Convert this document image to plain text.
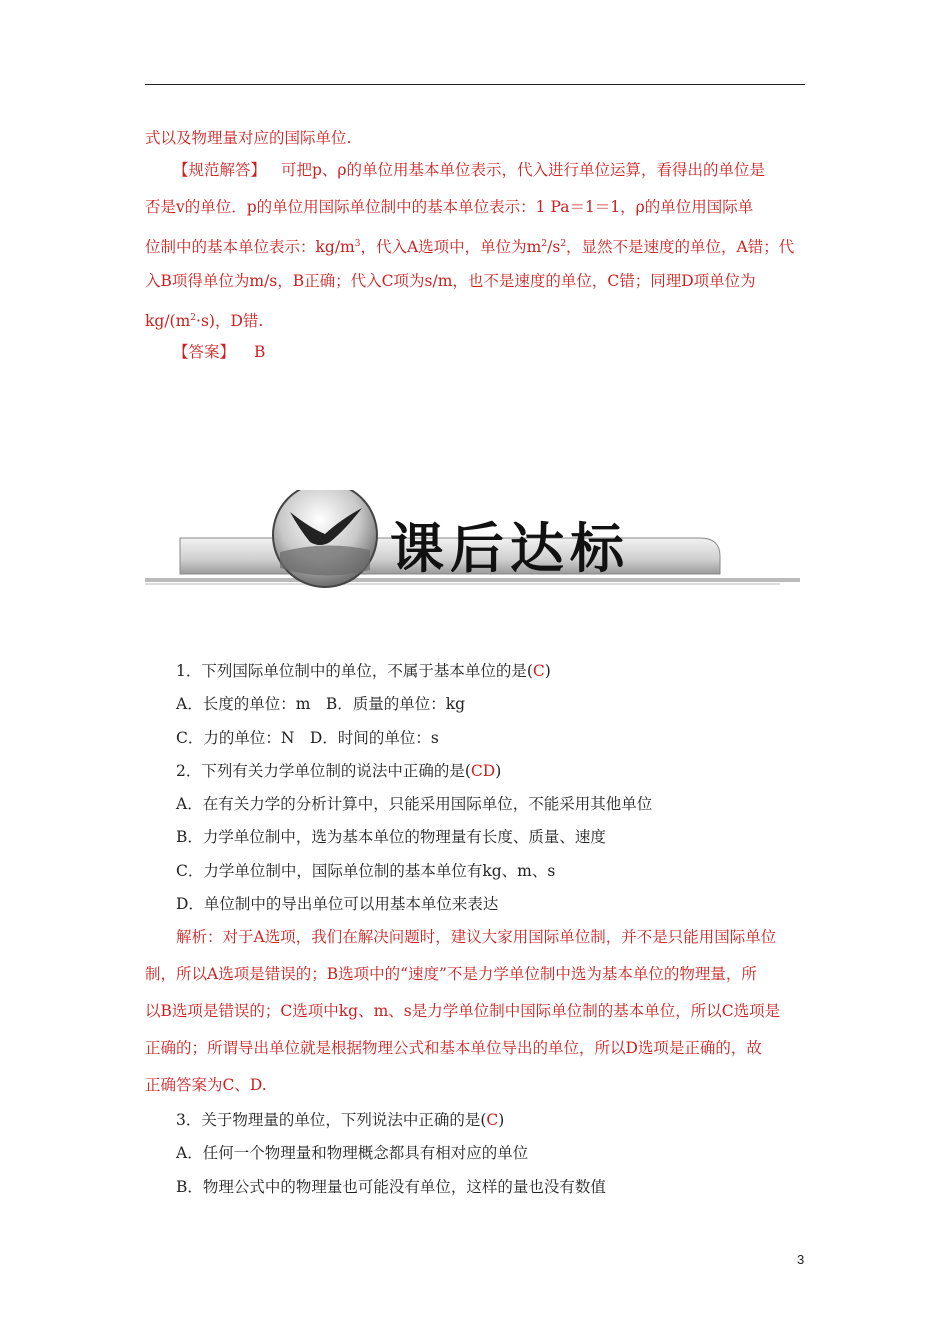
式以及物理量对应的国际单位.
【规范解答】 可把p、ρ的单位用基本单位表示，代入进行单位运算，看得出的单位是
否是v的单位．p的单位用国际单位制中的基本单位表示：1 Pa＝1＝1，ρ的单位用国际单
位制中的基本单位表示：$kg/m^3$，代入A选项中，单位为$m^2/s^2$，显然不是速度的单位，A错；代
入B项得单位为m/s，B正确；代入C项为s/m，也不是速度的单位，C错；同理D项单位为
$kg/(m^2\cdot s)$，D错.
【答案】 B
课后达标
1．下列国际单位制中的单位，不属于基本单位的是(C)
A．长度的单位：m　B．质量的单位：kg
C．力的单位：N　D．时间的单位：s
2．下列有关力学单位制的说法中正确的是(CD)
A．在有关力学的分析计算中，只能采用国际单位，不能采用其他单位
B．力学单位制中，选为基本单位的物理量有长度、质量、速度
C．力学单位制中，国际单位制的基本单位有kg、m、s
D．单位制中的导出单位可以用基本单位来表达
解析：对于A选项，我们在解决问题时，建议大家用国际单位制，并不是只能用国际单位
制，所以A选项是错误的；B选项中的“速度”不是力学单位制中选为基本单位的物理量，所
以B选项是错误的；C选项中kg、m、s是力学单位制中国际单位制的基本单位，所以C选项是
正确的；所谓导出单位就是根据物理公式和基本单位导出的单位，所以D选项是正确的，故
正确答案为C、D.
3．关于物理量的单位，下列说法中正确的是(C)
A．任何一个物理量和物理概念都具有相对应的单位
B．物理公式中的物理量也可能没有单位，这样的量也没有数值
3
